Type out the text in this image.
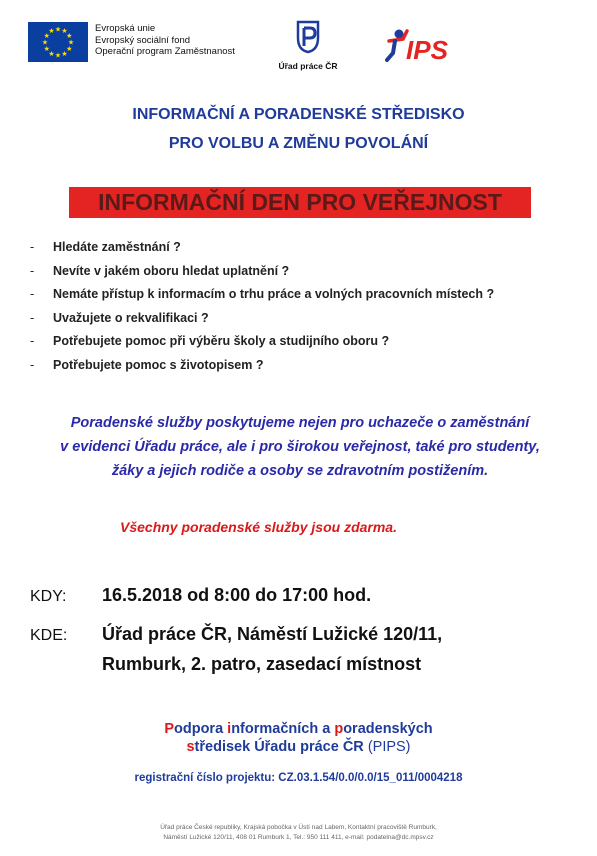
★ ★
★
★
★
★
★
★
★
★
★
★	Evropská unie
Evropský sociální fond
Operační program Zaměstnanost
Úřad práce ČR
IPS
INFORMAČNÍ A PORADENSKÉ STŘEDISKO
PRO VOLBU A ZMĚNU POVOLÁNÍ
INFORMAČNÍ DEN PRO VEŘEJNOST
- Hledáte zaměstnání ?
- Nevíte v jakém oboru hledat uplatnění ?
- Nemáte přístup k informacím o trhu práce a volných pracovních místech ?
- Uvažujete o rekvalifikaci ?
- Potřebujete pomoc při výběru školy a studijního oboru ?
- Potřebujete pomoc s životopisem ?
Poradenské služby poskytujeme nejen pro uchazeče o zaměstnání
v evidenci Úřadu práce, ale i pro širokou veřejnost, také pro studenty,
žáky a jejich rodiče a osoby se zdravotním postižením.
Všechny poradenské služby jsou zdarma.
KDY: 16.5.2018 od 8:00 do 17:00 hod.
KDE: Úřad práce ČR, Náměstí Lužické 120/11,
Rumburk, 2. patro, zasedací místnost
Podpora informačních a poradenských
středisek Úřadu práce ČR (PIPS)
registrační číslo projektu: CZ.03.1.54/0.0/0.0/15_011/0004218
Úřad práce České republiky, Krajská pobočka v Ústí nad Labem, Kontaktní pracoviště Rumburk,
Náměstí Lužické 120/11, 408 01 Rumburk 1, Tel.: 950 111 411, e-mail: podatelna@dc.mpsv.cz
